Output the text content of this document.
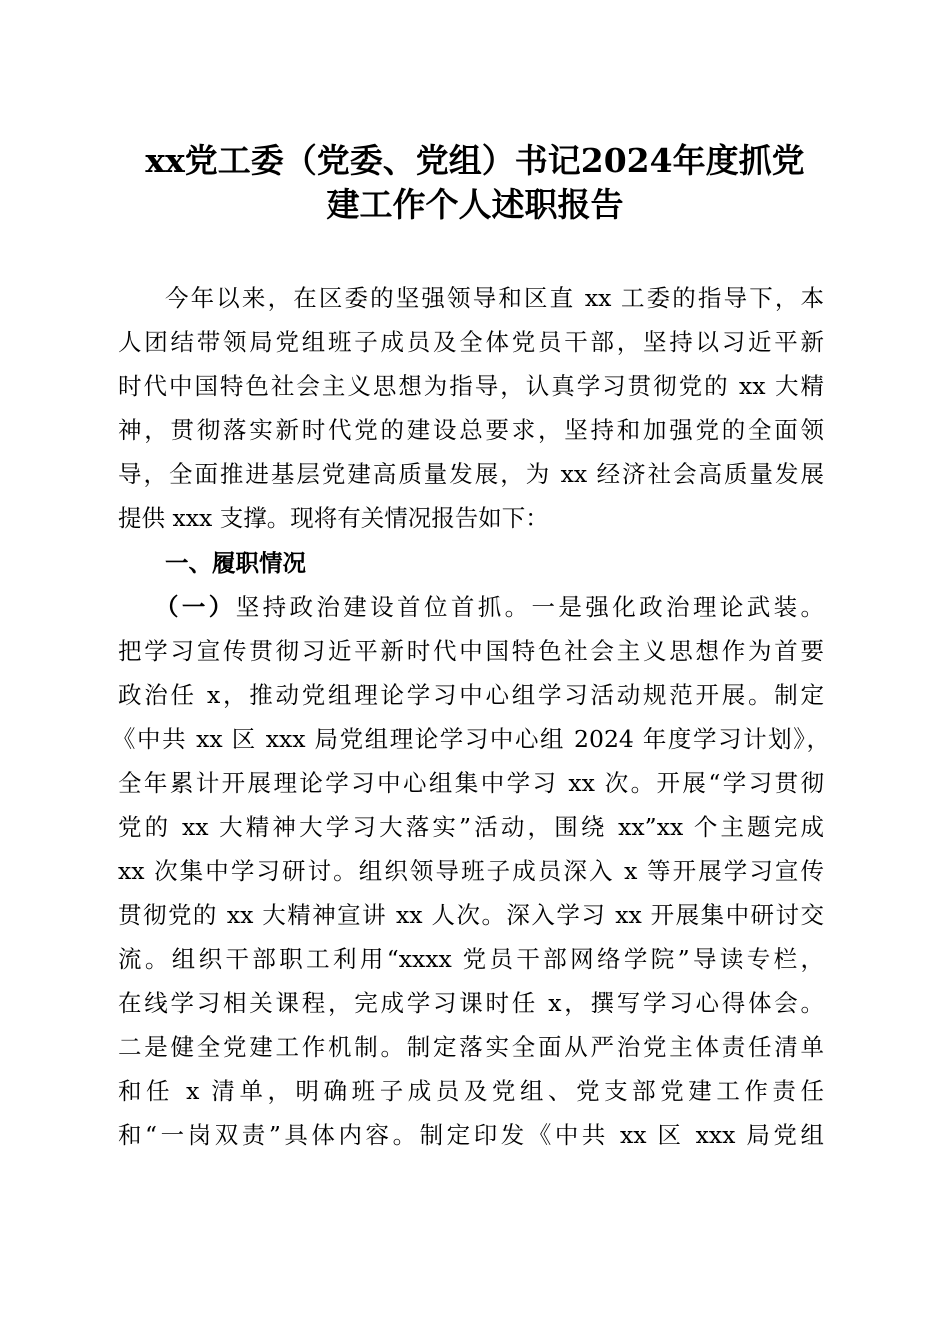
xx党工委（党委、党组）书记2024年度抓党
建工作个人述职报告
今年以来，在区委的坚强领导和区直 xx 工委的指导下，本
人团结带领局党组班子成员及全体党员干部，坚持以习近平新
时代中国特色社会主义思想为指导，认真学习贯彻党的 xx 大精
神，贯彻落实新时代党的建设总要求，坚持和加强党的全面领
导，全面推进基层党建高质量发展，为 xx 经济社会高质量发展
提供 xxx 支撑。现将有关情况报告如下：
一、履职情况
（一）坚持政治建设首位首抓。一是强化政治理论武装。
把学习宣传贯彻习近平新时代中国特色社会主义思想作为首要
政治任 x，推动党组理论学习中心组学习活动规范开展。制定
《中共 xx 区 xxx 局党组理论学习中心组 2024 年度学习计划》，
全年累计开展理论学习中心组集中学习 xx 次。开展“学习贯彻
党的 xx 大精神大学习大落实”活动，围绕 xx”xx 个主题完成
xx 次集中学习研讨。组织领导班子成员深入 x 等开展学习宣传
贯彻党的 xx 大精神宣讲 xx 人次。深入学习 xx 开展集中研讨交
流。组织干部职工利用“xxxx 党员干部网络学院”导读专栏，
在线学习相关课程，完成学习课时任 x，撰写学习心得体会。
二是健全党建工作机制。制定落实全面从严治党主体责任清单
和任 x 清单，明确班子成员及党组、党支部党建工作责任
和“一岗双责”具体内容。制定印发《中共 xx 区 xxx 局党组
